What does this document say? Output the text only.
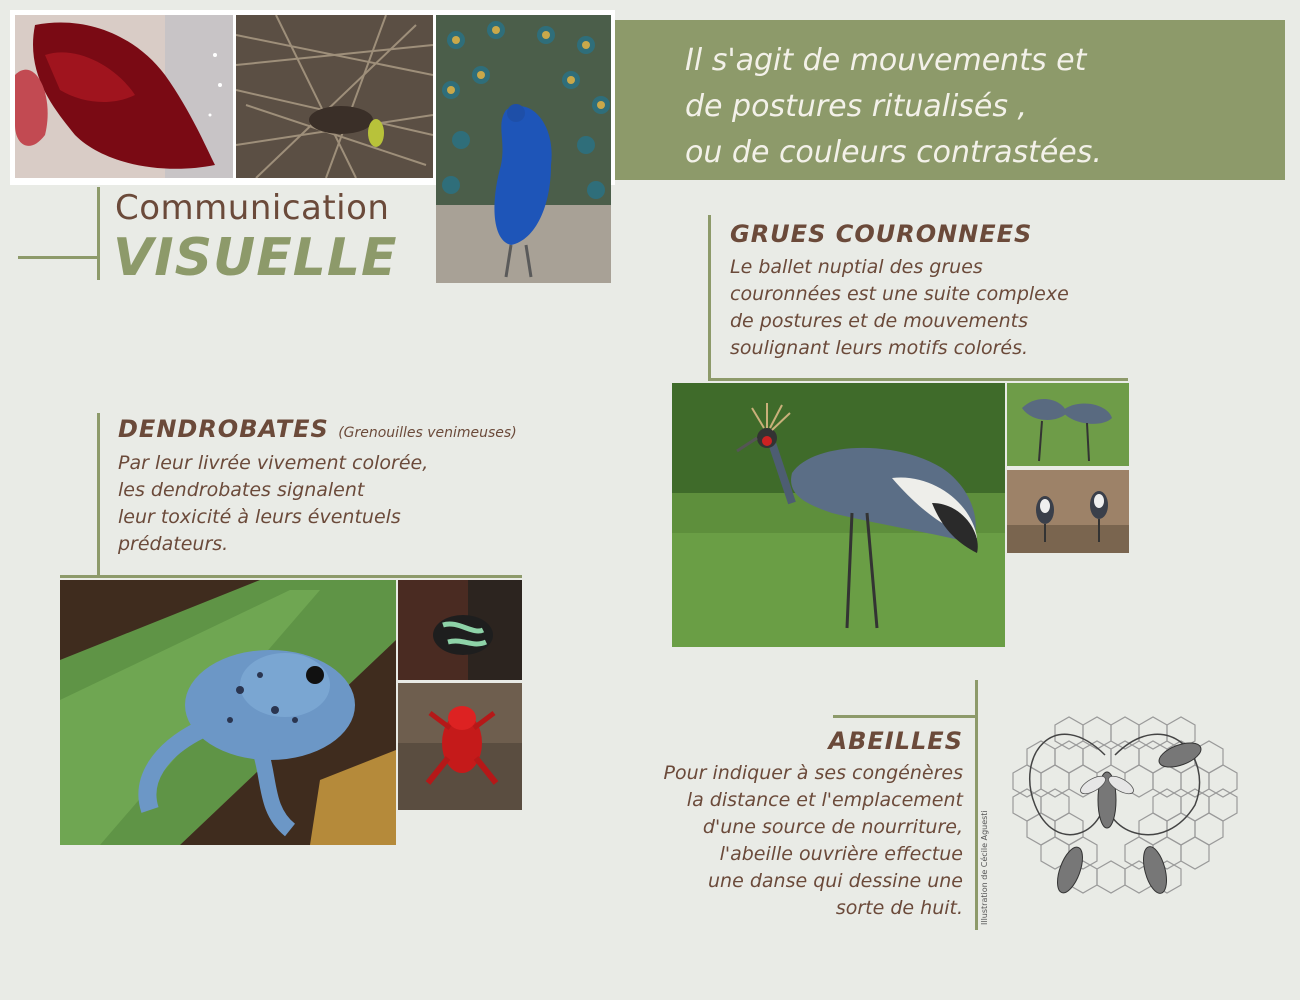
Communication
VISUELLE
Il s'agit de mouvements et
de postures ritualisés ,
ou de couleurs contrastées.
GRUES COURONNEES
Le ballet nuptial des grues
couronnées est une suite complexe
de postures et de mouvements
soulignant leurs motifs colorés.
DENDROBATES (Grenouilles venimeuses)
Par leur livrée vivement colorée,
les dendrobates signalent
leur toxicité à leurs éventuels
prédateurs.
ABEILLES
Pour indiquer à ses congénères
la distance et l'emplacement
d'une source de nourriture,
l'abeille ouvrière effectue
une danse qui dessine une
sorte de huit. Illustration de Cécile Aguesti
